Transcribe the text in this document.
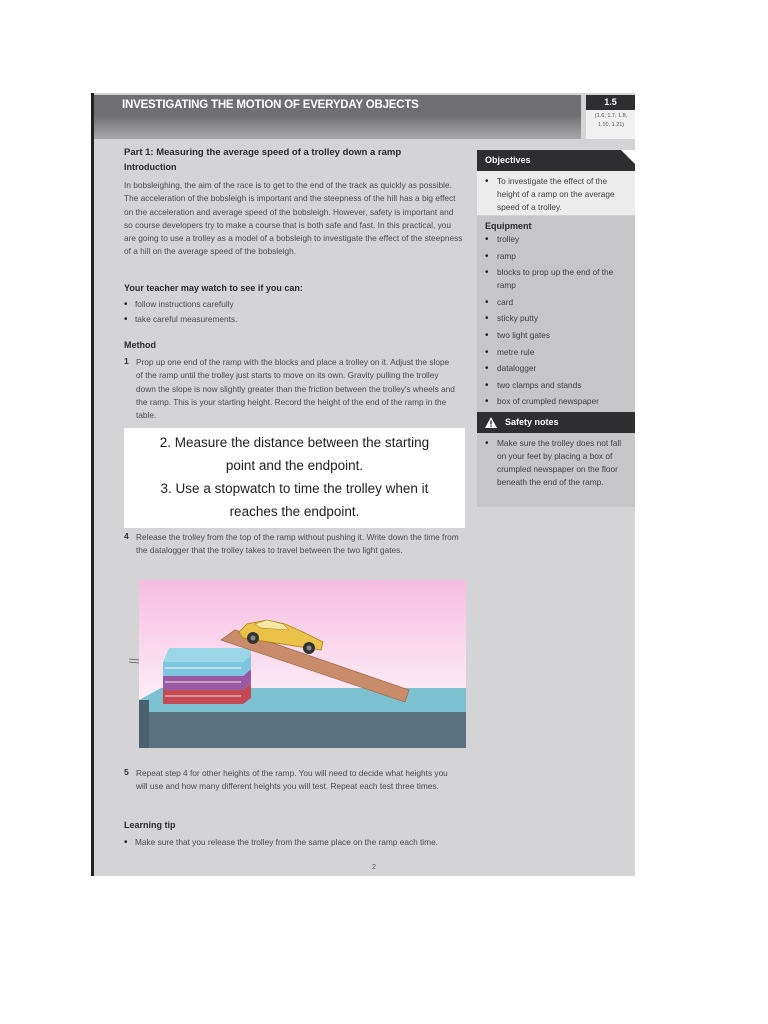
INVESTIGATING THE MOTION OF EVERYDAY OBJECTS	1.5
(1.6, 1.7, 1.8, 1.10, 1.21)
Part 1: Measuring the average speed of a trolley down a ramp
Introduction
In bobsleighing, the aim of the race is to get to the end of the track as quickly as possible. The acceleration of the bobsleigh is important and the steepness of the hill has a big effect on the acceleration and average speed of the bobsleigh. However, safety is important and so course developers try to make a course that is both safe and fast. In this practical, you are going to use a trolley as a model of a bobsleigh to investigate the effect of the steepness of a hill on the average speed of the bobsleigh.
Your teacher may watch to see if you can:
• follow instructions carefully
• take careful measurements.
Method
1 Prop up one end of the ramp with the blocks and place a trolley on it. Adjust the slope of the ramp until the trolley just starts to move on its own. Gravity pulling the trolley down the slope is now slightly greater than the friction between the trolley's wheels and the ramp. This is your starting height. Record the height of the end of the ramp in the table.
4 Release the trolley from the top of the ramp without pushing it. Write down the time from the datalogger that the trolley takes to travel between the two light gates.
5 Repeat step 4 for other heights of the ramp. You will need to decide what heights you will use and how many different heights you will test. Repeat each test three times.
Learning tip
• Make sure that you release the trolley from the same place on the ramp each time.

2. Measure the distance between the starting point and the endpoint.

3. Use a stopwatch to time the trolley when it reaches the endpoint.

Objectives
• To investigate the effect of the height of a ramp on the average speed of a trolley.
Equipment
• trolley
• ramp
• blocks to prop up the end of the ramp
• card
• sticky putty
• two light gates
• metre rule
• datalogger
• two clamps and stands
• box of crumpled newspaper
Safety notes
• Make sure the trolley does not fall on your feet by placing a box of crumpled newspaper on the floor beneath the end of the ramp.
2
